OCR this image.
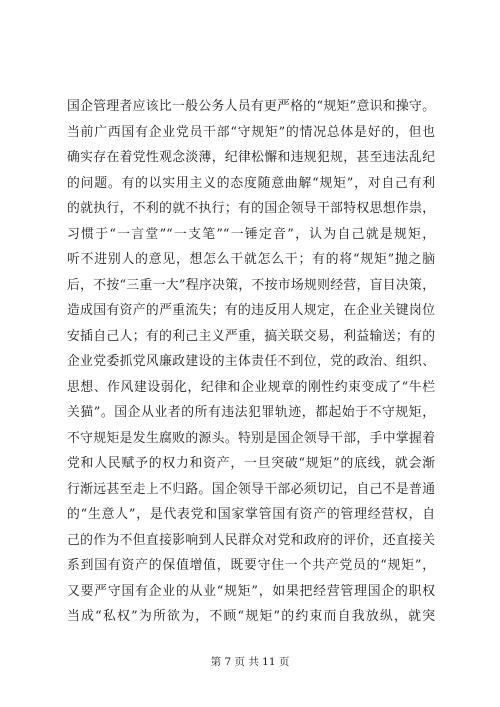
国企管理者应该比一般公务人员有更严格的“规矩”意识和操守。
当前广西国有企业党员干部“守规矩”的情况总体是好的，但也
确实存在着党性观念淡薄，纪律松懈和违规犯规，甚至违法乱纪
的问题。有的以实用主义的态度随意曲解“规矩”，对自己有利
的就执行，不利的就不执行；有的国企领导干部特权思想作祟，
习惯于“一言堂”“一支笔”“一锤定音”，认为自己就是规矩，
听不进别人的意见，想怎么干就怎么干；有的将“规矩”抛之脑
后，不按“三重一大”程序决策，不按市场规则经营，盲目决策，
造成国有资产的严重流失；有的违反用人规定，在企业关键岗位
安插自己人；有的利己主义严重，搞关联交易，利益输送；有的
企业党委抓党风廉政建设的主体责任不到位，党的政治、组织、
思想、作风建设弱化，纪律和企业规章的刚性约束变成了“牛栏
关猫”。国企从业者的所有违法犯罪轨迹，都起始于不守规矩，
不守规矩是发生腐败的源头。特别是国企领导干部，手中掌握着
党和人民赋予的权力和资产，一旦突破“规矩”的底线，就会渐
行渐远甚至走上不归路。国企领导干部必须切记，自己不是普通
的“生意人”，是代表党和国家掌管国有资产的管理经营权，自
己的作为不但直接影响到人民群众对党和政府的评价，还直接关
系到国有资产的保值增值，既要守住一个共产党员的“规矩”，
又要严守国有企业的从业“规矩”，如果把经营管理国企的职权
当成“私权”为所欲为，不顾“规矩”的约束而自我放纵，就突
第 7 页 共 11 页
